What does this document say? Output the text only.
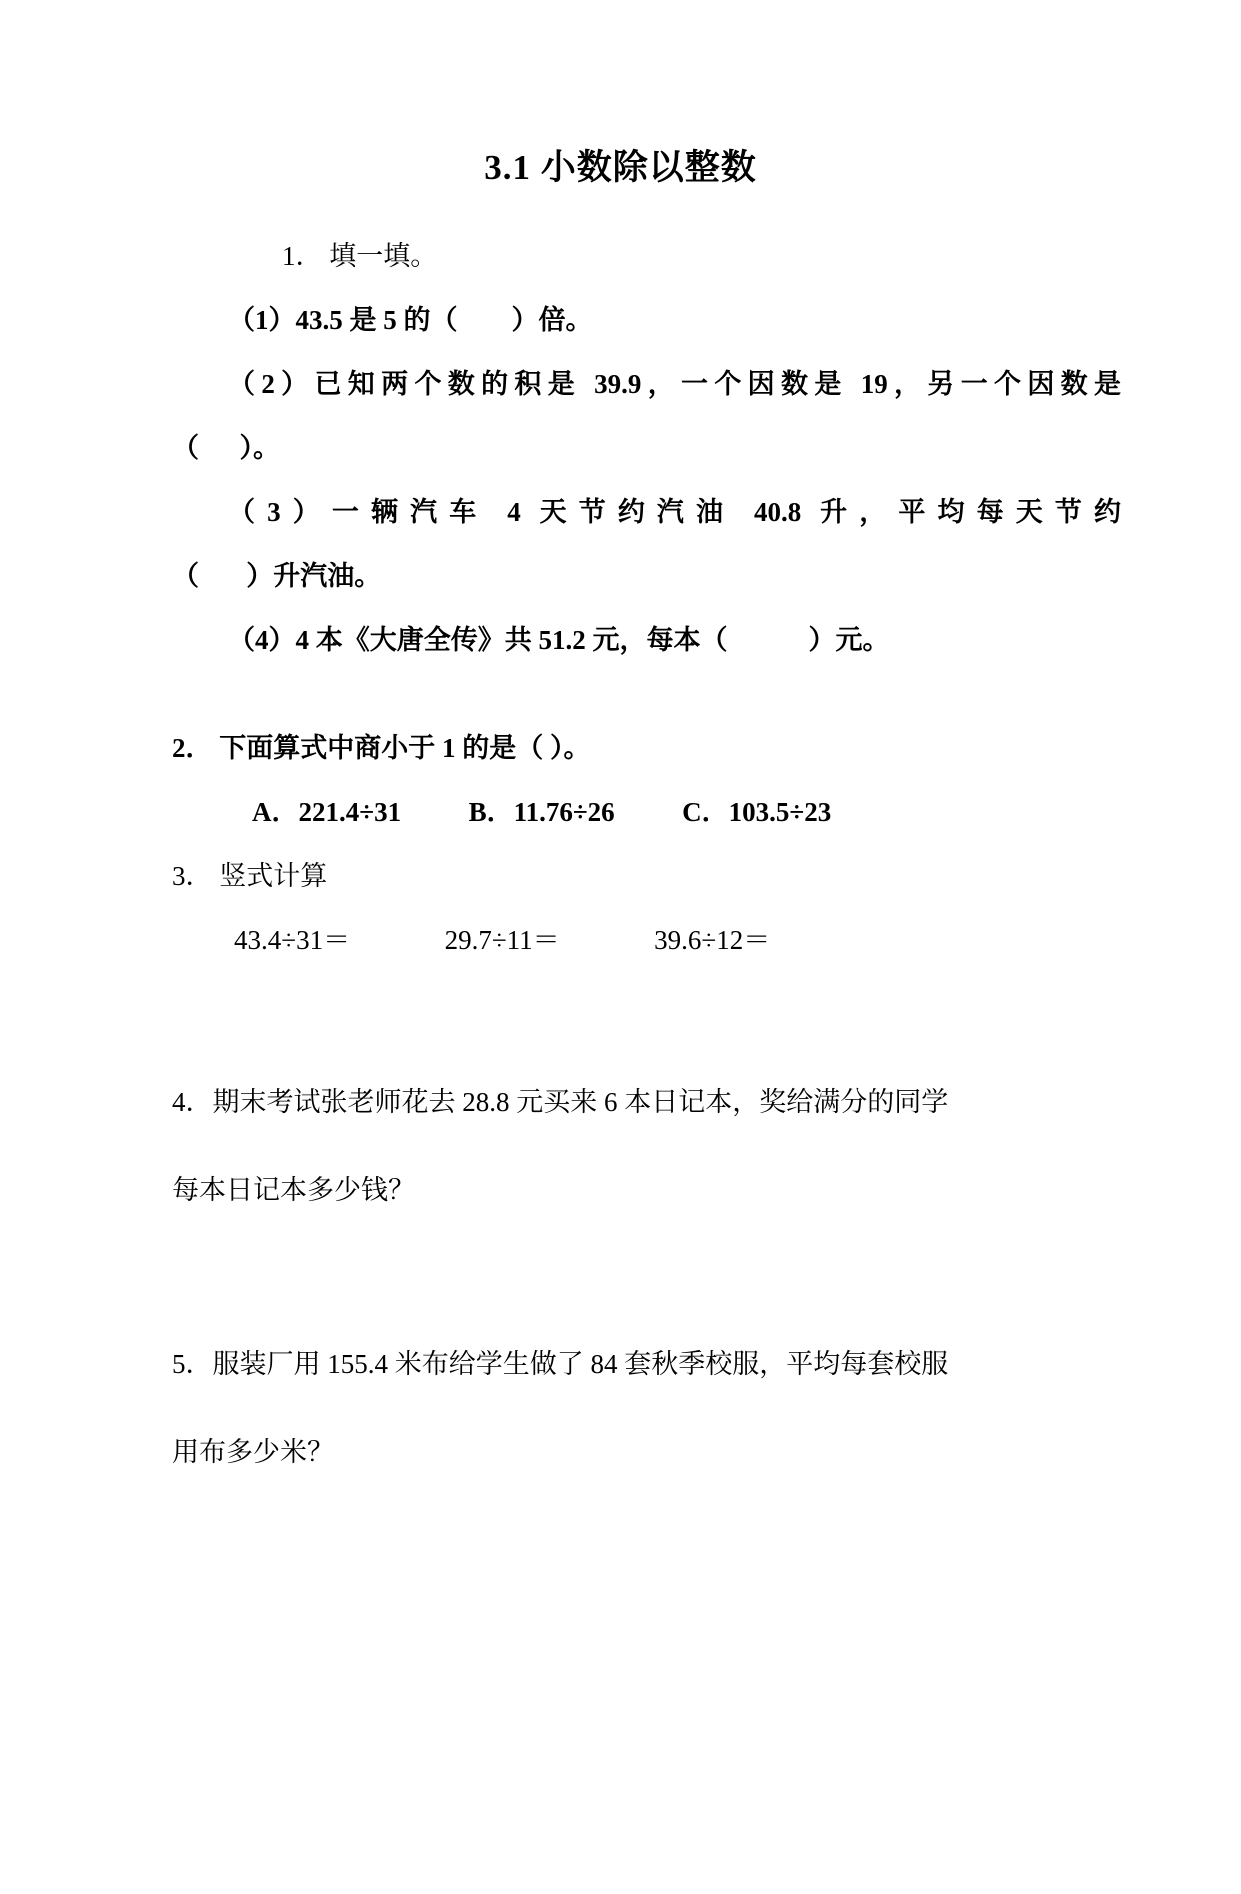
3.1 小数除以整数
1． 填一填。
（1）43.5 是 5 的（        ）倍。
（2）已知两个数的积是 39.9，一个因数是 19，另一个因数是
（      ）。
（3）一辆汽车 4 天节约汽油 40.8 升，平均每天节约
（       ）升汽油。
（4）4 本《大唐全传》共 51.2 元，每本（            ）元。
2． 下面算式中商小于 1 的是（ ）。
A．221.4÷31	B．11.76÷26	C．103.5÷23
3． 竖式计算
43.4÷31＝	29.7÷11＝	39.6÷12＝
4．期末考试张老师花去 28.8 元买来 6 本日记本，奖给满分的同学
每本日记本多少钱？
5．服装厂用 155.4 米布给学生做了 84 套秋季校服，平均每套校服
用布多少米？
